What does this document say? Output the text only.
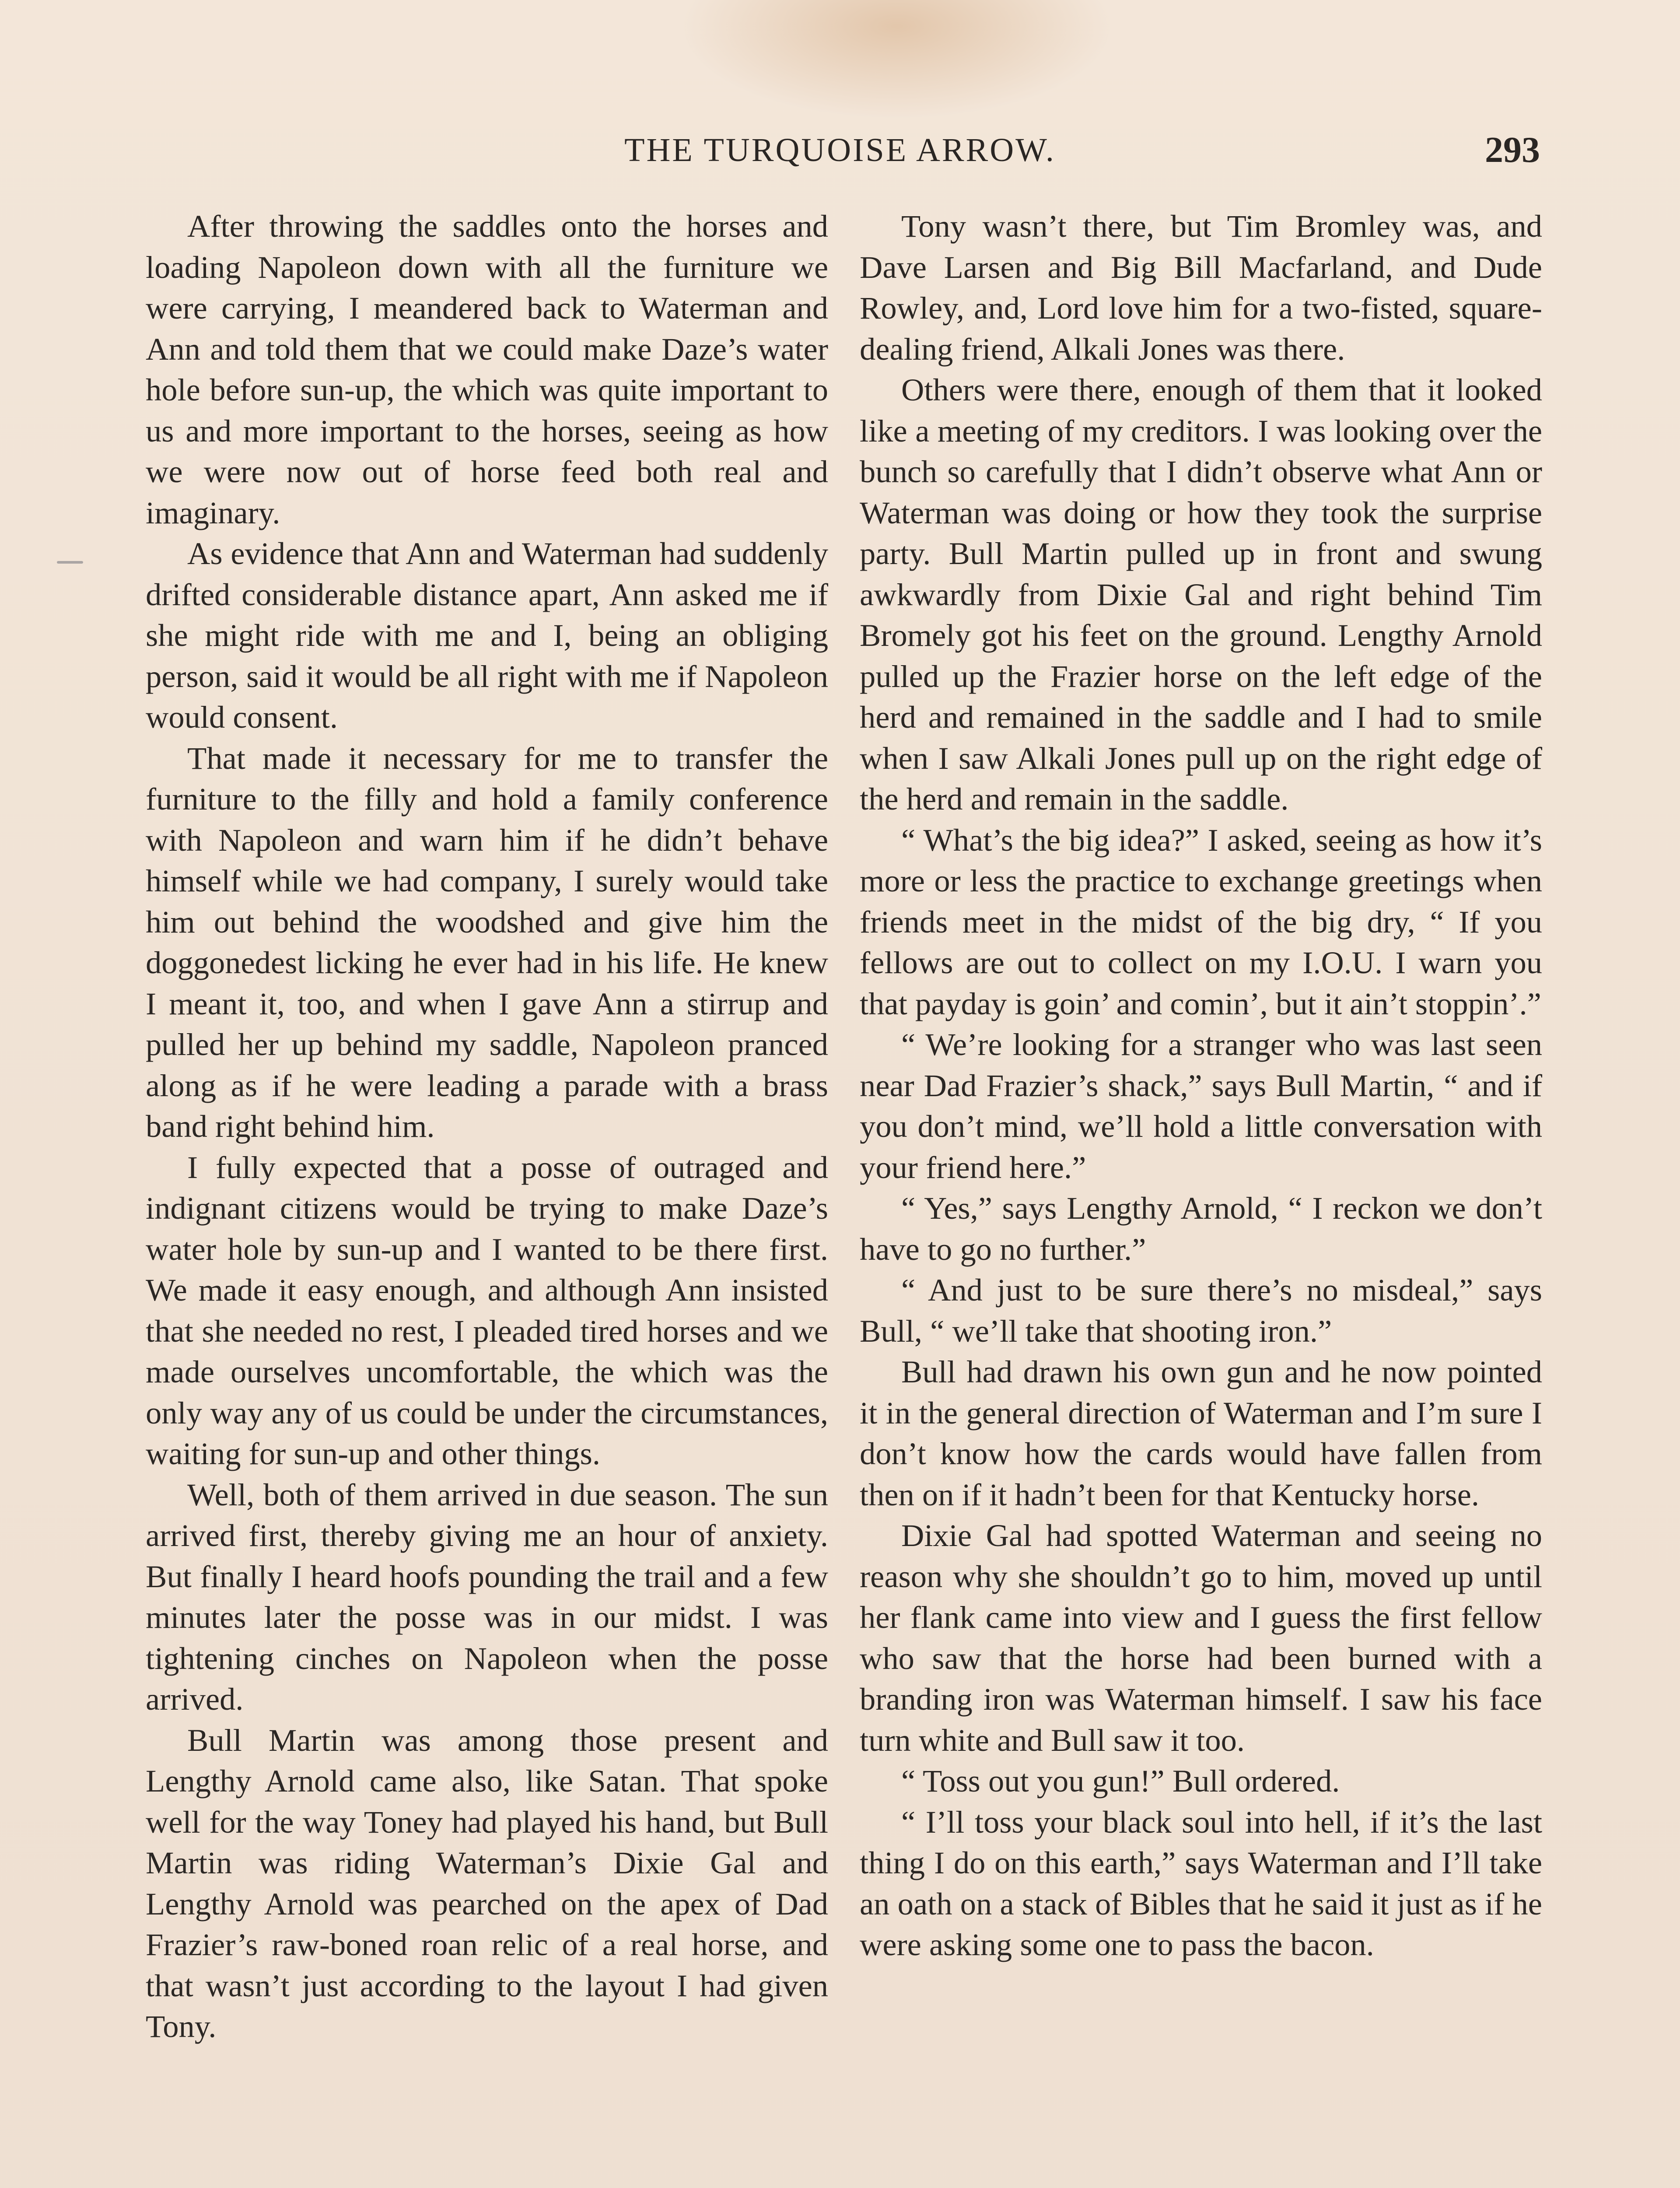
THE TURQUOISE ARROW.	293

After throwing the saddles onto the horses and loading Napoleon down with all the furniture we were carrying, I meandered back to Waterman and Ann and told them that we could make Daze’s water hole before sun-up, the which was quite important to us and more important to the horses, seeing as how we were now out of horse feed both real and imaginary.

As evidence that Ann and Waterman had suddenly drifted considerable distance apart, Ann asked me if she might ride with me and I, being an obliging person, said it would be all right with me if Napoleon would consent.

That made it necessary for me to transfer the furniture to the filly and hold a family conference with Napoleon and warn him if he didn’t behave himself while we had company, I surely would take him out behind the woodshed and give him the doggonedest licking he ever had in his life. He knew I meant it, too, and when I gave Ann a stirrup and pulled her up behind my saddle, Napoleon pranced along as if he were leading a parade with a brass band right behind him.

I fully expected that a posse of outraged and indignant citizens would be trying to make Daze’s water hole by sun-up and I wanted to be there first. We made it easy enough, and although Ann insisted that she needed no rest, I pleaded tired horses and we made ourselves uncomfortable, the which was the only way any of us could be under the circumstances, waiting for sun-up and other things.

Well, both of them arrived in due season. The sun arrived first, thereby giving me an hour of anxiety. But finally I heard hoofs pounding the trail and a few minutes later the posse was in our midst. I was tightening cinches on Napoleon when the posse arrived.

Bull Martin was among those present and Lengthy Arnold came also, like Satan. That spoke well for the way Toney had played his hand, but Bull Martin was riding Waterman’s Dixie Gal and Lengthy Arnold was pearched on the apex of Dad Frazier’s raw-boned roan relic of a real horse, and that wasn’t just according to the layout I had given Tony.

Tony wasn’t there, but Tim Bromley was, and Dave Larsen and Big Bill Macfarland, and Dude Rowley, and, Lord love him for a two-fisted, square-dealing friend, Alkali Jones was there.

Others were there, enough of them that it looked like a meeting of my creditors. I was looking over the bunch so carefully that I didn’t observe what Ann or Waterman was doing or how they took the surprise party. Bull Martin pulled up in front and swung awkwardly from Dixie Gal and right behind Tim Bromely got his feet on the ground. Lengthy Arnold pulled up the Frazier horse on the left edge of the herd and remained in the saddle and I had to smile when I saw Alkali Jones pull up on the right edge of the herd and remain in the saddle.

“ What’s the big idea?” I asked, seeing as how it’s more or less the practice to exchange greetings when friends meet in the midst of the big dry, “ If you fellows are out to collect on my I.O.U. I warn you that payday is goin’ and comin’, but it ain’t stoppin’.”

“ We’re looking for a stranger who was last seen near Dad Frazier’s shack,” says Bull Martin, “ and if you don’t mind, we’ll hold a little conversation with your friend here.”

“ Yes,” says Lengthy Arnold, “ I reckon we don’t have to go no further.”

“ And just to be sure there’s no misdeal,” says Bull, “ we’ll take that shooting iron.”

Bull had drawn his own gun and he now pointed it in the general direction of Waterman and I’m sure I don’t know how the cards would have fallen from then on if it hadn’t been for that Kentucky horse.

Dixie Gal had spotted Waterman and seeing no reason why she shouldn’t go to him, moved up until her flank came into view and I guess the first fellow who saw that the horse had been burned with a branding iron was Waterman himself. I saw his face turn white and Bull saw it too.

“ Toss out you gun!” Bull ordered.

“ I’ll toss your black soul into hell, if it’s the last thing I do on this earth,” says Waterman and I’ll take an oath on a stack of Bibles that he said it just as if he were asking some one to pass the bacon.
